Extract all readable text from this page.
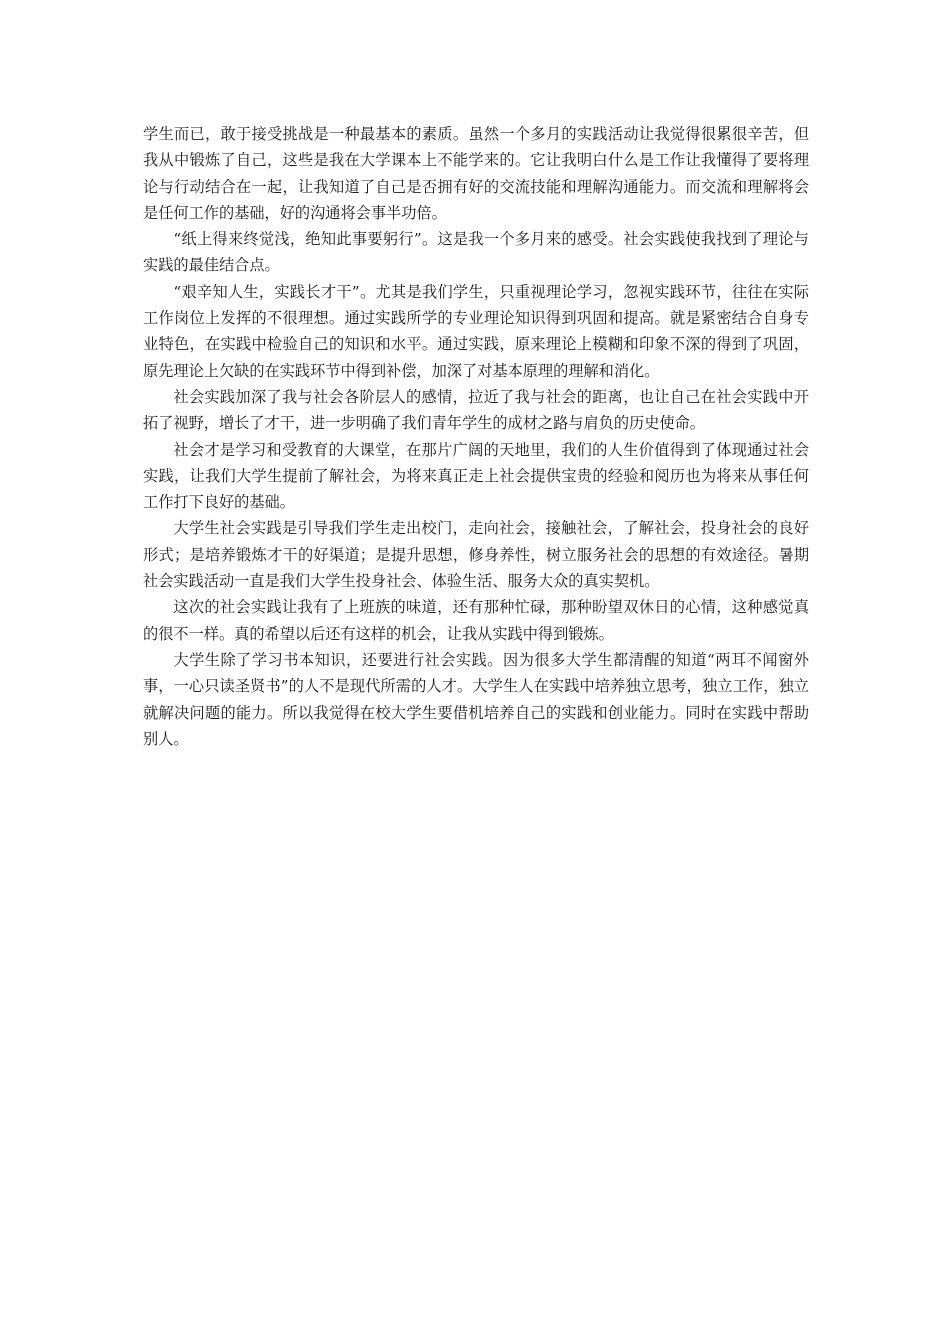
学生而已，敢于接受挑战是一种最基本的素质。虽然一个多月的实践活动让我觉得很累很辛苦，但我从中锻炼了自己，这些是我在大学课本上不能学来的。它让我明白什么是工作让我懂得了要将理论与行动结合在一起，让我知道了自己是否拥有好的交流技能和理解沟通能力。而交流和理解将会是任何工作的基础，好的沟通将会事半功倍。

“纸上得来终觉浅，绝知此事要躬行”。这是我一个多月来的感受。社会实践使我找到了理论与实践的最佳结合点。

“艰辛知人生，实践长才干”。尤其是我们学生，只重视理论学习，忽视实践环节，往往在实际工作岗位上发挥的不很理想。通过实践所学的专业理论知识得到巩固和提高。就是紧密结合自身专业特色，在实践中检验自己的知识和水平。通过实践，原来理论上模糊和印象不深的得到了巩固，原先理论上欠缺的在实践环节中得到补偿，加深了对基本原理的理解和消化。

社会实践加深了我与社会各阶层人的感情，拉近了我与社会的距离，也让自己在社会实践中开拓了视野，增长了才干，进一步明确了我们青年学生的成材之路与肩负的历史使命。

社会才是学习和受教育的大课堂，在那片广阔的天地里，我们的人生价值得到了体现通过社会实践，让我们大学生提前了解社会，为将来真正走上社会提供宝贵的经验和阅历也为将来从事任何工作打下良好的基础。

大学生社会实践是引导我们学生走出校门，走向社会，接触社会，了解社会，投身社会的良好形式；是培养锻炼才干的好渠道；是提升思想，修身养性，树立服务社会的思想的有效途径。暑期社会实践活动一直是我们大学生投身社会、体验生活、服务大众的真实契机。

这次的社会实践让我有了上班族的味道，还有那种忙碌，那种盼望双休日的心情，这种感觉真的很不一样。真的希望以后还有这样的机会，让我从实践中得到锻炼。

大学生除了学习书本知识，还要进行社会实践。因为很多大学生都清醒的知道“两耳不闻窗外事，一心只读圣贤书”的人不是现代所需的人才。大学生人在实践中培养独立思考，独立工作，独立就解决问题的能力。所以我觉得在校大学生要借机培养自己的实践和创业能力。同时在实践中帮助别人。
